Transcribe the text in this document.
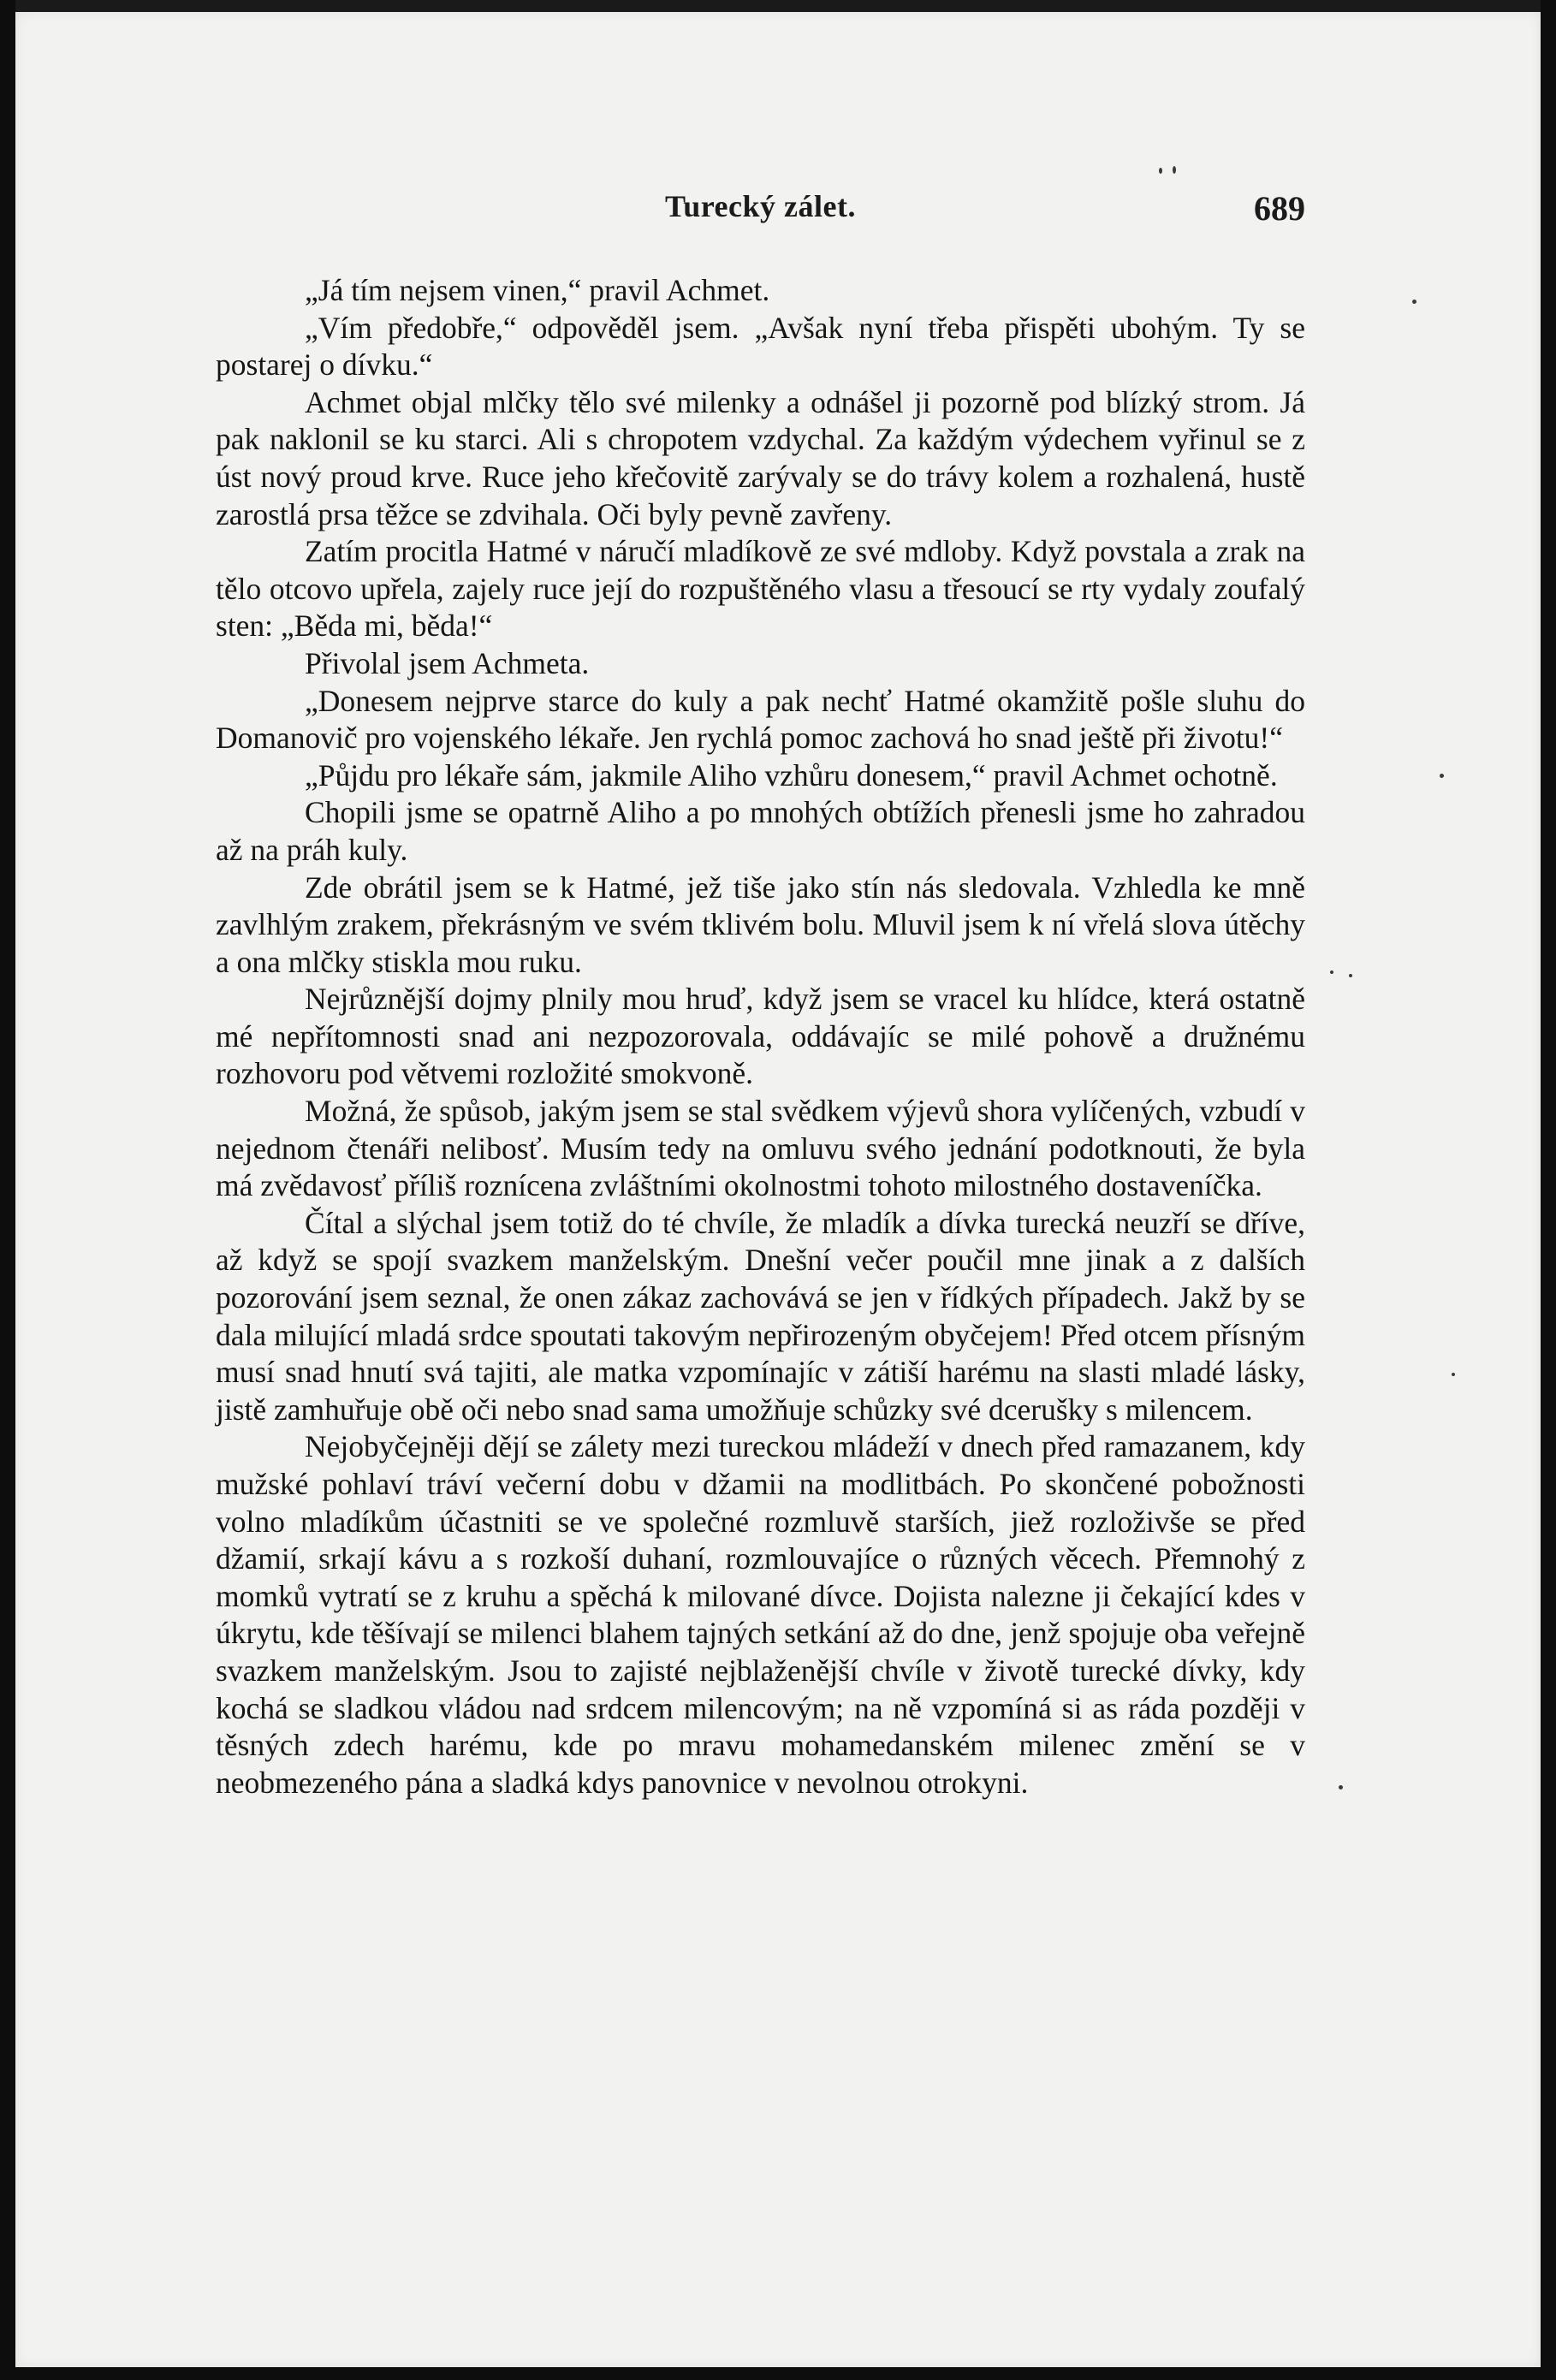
Turecký zálet.	689

„Já tím nejsem vinen,“ pravil Achmet.

„Vím předobře,“ odpověděl jsem. „Avšak nyní třeba přispěti ubohým. Ty se postarej o dívku.“

Achmet objal mlčky tělo své milenky a odnášel ji pozorně pod blízký strom. Já pak naklonil se ku starci. Ali s chropotem vzdychal. Za každým výdechem vyřinul se z úst nový proud krve. Ruce jeho křečovitě zarývaly se do trávy kolem a rozhalená, hustě zarostlá prsa těžce se zdvihala. Oči byly pevně zavřeny.

Zatím procitla Hatmé v náručí mladíkově ze své mdloby. Když povstala a zrak na tělo otcovo upřela, zajely ruce její do rozpuštěného vlasu a třesoucí se rty vydaly zoufalý sten: „Běda mi, běda!“

Přivolal jsem Achmeta.

„Donesem nejprve starce do kuly a pak nechť Hatmé okamžitě pošle sluhu do Domanovič pro vojenského lékaře. Jen rychlá pomoc zachová ho snad ještě při životu!“

„Půjdu pro lékaře sám, jakmile Aliho vzhůru donesem,“ pravil Achmet ochotně.

Chopili jsme se opatrně Aliho a po mnohých obtížích přenesli jsme ho zahradou až na práh kuly.

Zde obrátil jsem se k Hatmé, jež tiše jako stín nás sledovala. Vzhledla ke mně zavlhlým zrakem, překrásným ve svém tklivém bolu. Mluvil jsem k ní vřelá slova útěchy a ona mlčky stiskla mou ruku.

Nejrůznější dojmy plnily mou hruď, když jsem se vracel ku hlídce, která ostatně mé nepřítomnosti snad ani nezpozorovala, oddávajíc se milé pohově a družnému rozhovoru pod větvemi rozložité smokvoně.

Možná, že spůsob, jakým jsem se stal svědkem výjevů shora vylíčených, vzbudí v nejednom čtenáři nelibosť. Musím tedy na omluvu svého jednání podotknouti, že byla má zvědavosť příliš roznícena zvláštními okolnostmi tohoto milostného dostaveníčka.

Čítal a slýchal jsem totiž do té chvíle, že mladík a dívka turecká neuzří se dříve, až když se spojí svazkem manželským. Dnešní večer poučil mne jinak a z dalších pozorování jsem seznal, že onen zákaz zachovává se jen v řídkých případech. Jakž by se dala milující mladá srdce spoutati takovým nepřirozeným obyčejem! Před otcem přísným musí snad hnutí svá tajiti, ale matka vzpomínajíc v zátiší harému na slasti mladé lásky, jistě zamhuřuje obě oči nebo snad sama umožňuje schůzky své dcerušky s milencem.

Nejobyčejněji dějí se zálety mezi tureckou mládeží v dnech před ramazanem, kdy mužské pohlaví tráví večerní dobu v džamii na modlitbách. Po skončené pobožnosti volno mladíkům účastniti se ve společné rozmluvě starších, jiež rozloživše se před džamií, srkají kávu a s rozkoší duhaní, rozmlouvajíce o různých věcech. Přemnohý z momků vytratí se z kruhu a spěchá k milované dívce. Dojista nalezne ji čekající kdes v úkrytu, kde těšívají se milenci blahem tajných setkání až do dne, jenž spojuje oba veřejně svazkem manželským. Jsou to zajisté nejblaženější chvíle v životě turecké dívky, kdy kochá se sladkou vládou nad srdcem milencovým; na ně vzpomíná si as ráda později v těsných zdech harému, kde po mravu mohamedanském milenec změní se v neobmezeného pána a sladká kdys panovnice v nevolnou otrokyni.
